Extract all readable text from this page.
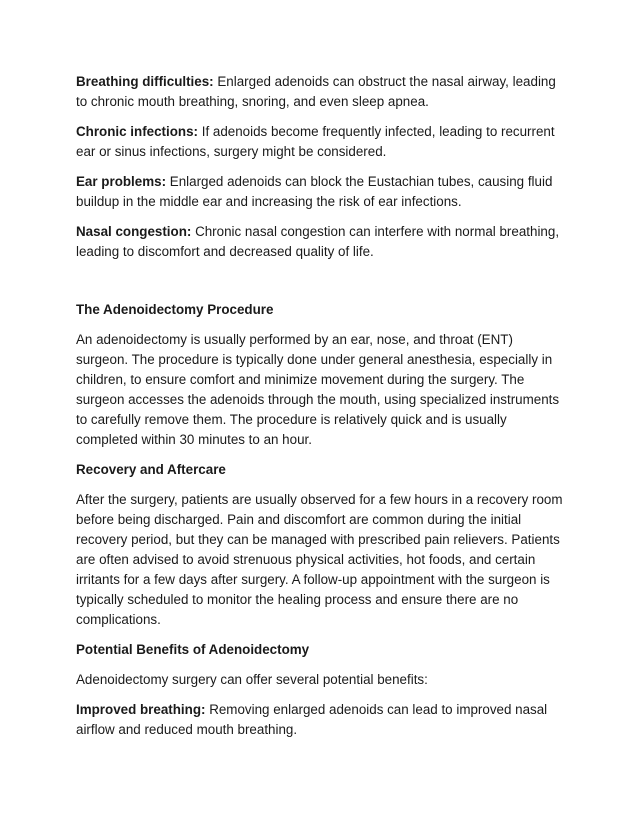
Breathing difficulties: Enlarged adenoids can obstruct the nasal airway, leading to chronic mouth breathing, snoring, and even sleep apnea.

Chronic infections: If adenoids become frequently infected, leading to recurrent ear or sinus infections, surgery might be considered.

Ear problems: Enlarged adenoids can block the Eustachian tubes, causing fluid buildup in the middle ear and increasing the risk of ear infections.

Nasal congestion: Chronic nasal congestion can interfere with normal breathing, leading to discomfort and decreased quality of life.

The Adenoidectomy Procedure

An adenoidectomy is usually performed by an ear, nose, and throat (ENT) surgeon. The procedure is typically done under general anesthesia, especially in children, to ensure comfort and minimize movement during the surgery. The surgeon accesses the adenoids through the mouth, using specialized instruments to carefully remove them. The procedure is relatively quick and is usually completed within 30 minutes to an hour.

Recovery and Aftercare

After the surgery, patients are usually observed for a few hours in a recovery room before being discharged. Pain and discomfort are common during the initial recovery period, but they can be managed with prescribed pain relievers. Patients are often advised to avoid strenuous physical activities, hot foods, and certain irritants for a few days after surgery. A follow-up appointment with the surgeon is typically scheduled to monitor the healing process and ensure there are no complications.

Potential Benefits of Adenoidectomy

Adenoidectomy surgery can offer several potential benefits:

Improved breathing: Removing enlarged adenoids can lead to improved nasal airflow and reduced mouth breathing.
